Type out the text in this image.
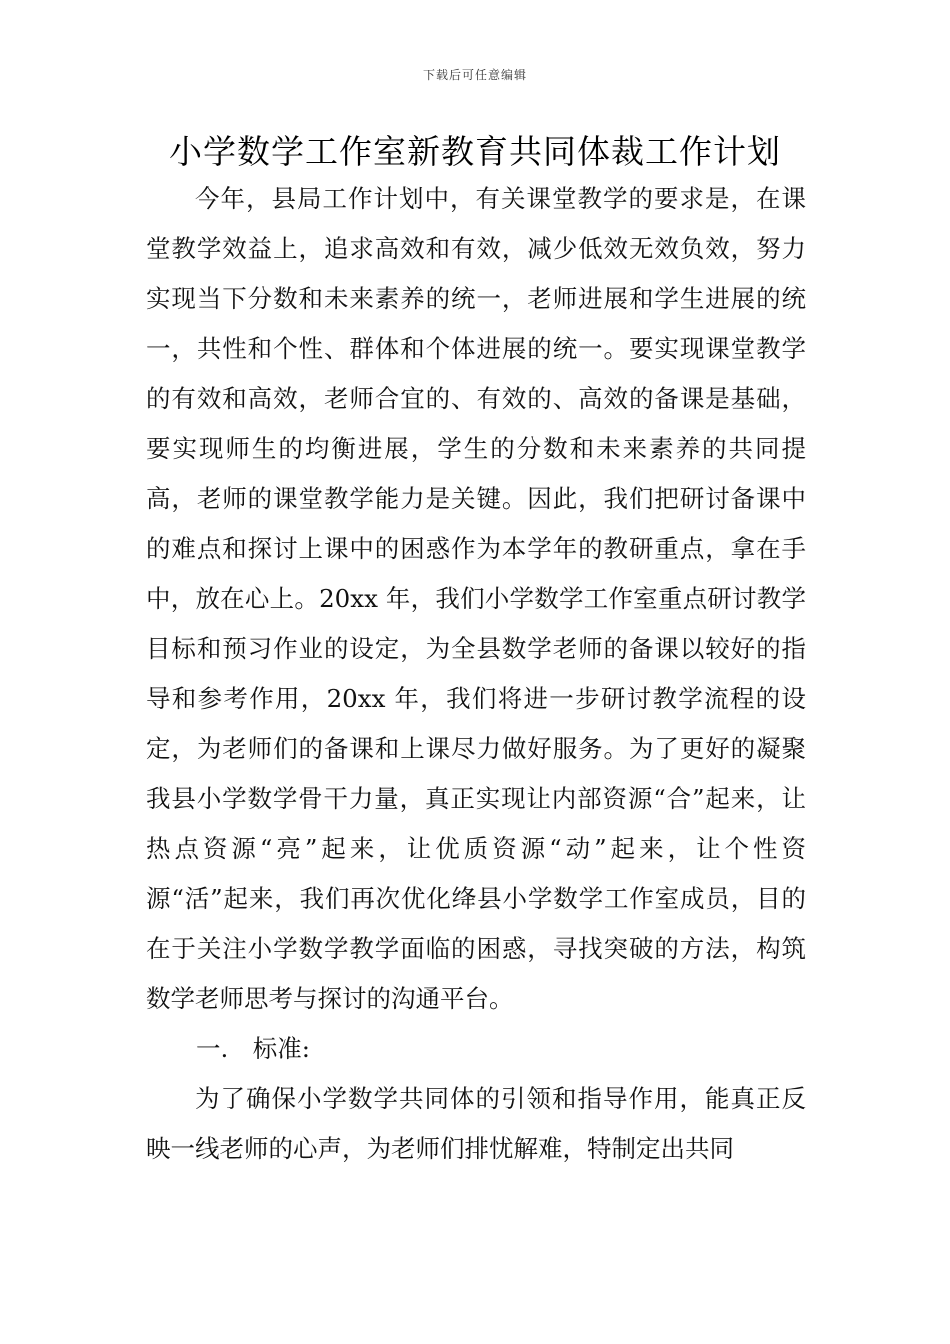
下载后可任意编辑
小学数学工作室新教育共同体裁工作计划

今年，县局工作计划中，有关课堂教学的要求是，在课堂教学效益上，追求高效和有效，减少低效无效负效，努力实现当下分数和未来素养的统一，老师进展和学生进展的统一，共性和个性、群体和个体进展的统一。要实现课堂教学的有效和高效，老师合宜的、有效的、高效的备课是基础，要实现师生的均衡进展，学生的分数和未来素养的共同提高，老师的课堂教学能力是关键。因此，我们把研讨备课中的难点和探讨上课中的困惑作为本学年的教研重点，拿在手中，放在心上。20xx 年，我们小学数学工作室重点研讨教学目标和预习作业的设定，为全县数学老师的备课以较好的指导和参考作用，20xx 年，我们将进一步研讨教学流程的设定，为老师们的备课和上课尽力做好服务。为了更好的凝聚我县小学数学骨干力量，真正实现让内部资源“合”起来，让热点资源“亮”起来，让优质资源“动”起来，让个性资源“活”起来，我们再次优化绛县小学数学工作室成员，目的在于关注小学数学教学面临的困惑，寻找突破的方法，构筑数学老师思考与探讨的沟通平台。

一.　标准:

为了确保小学数学共同体的引领和指导作用，能真正反映一线老师的心声，为老师们排忧解难，特制定出共同
